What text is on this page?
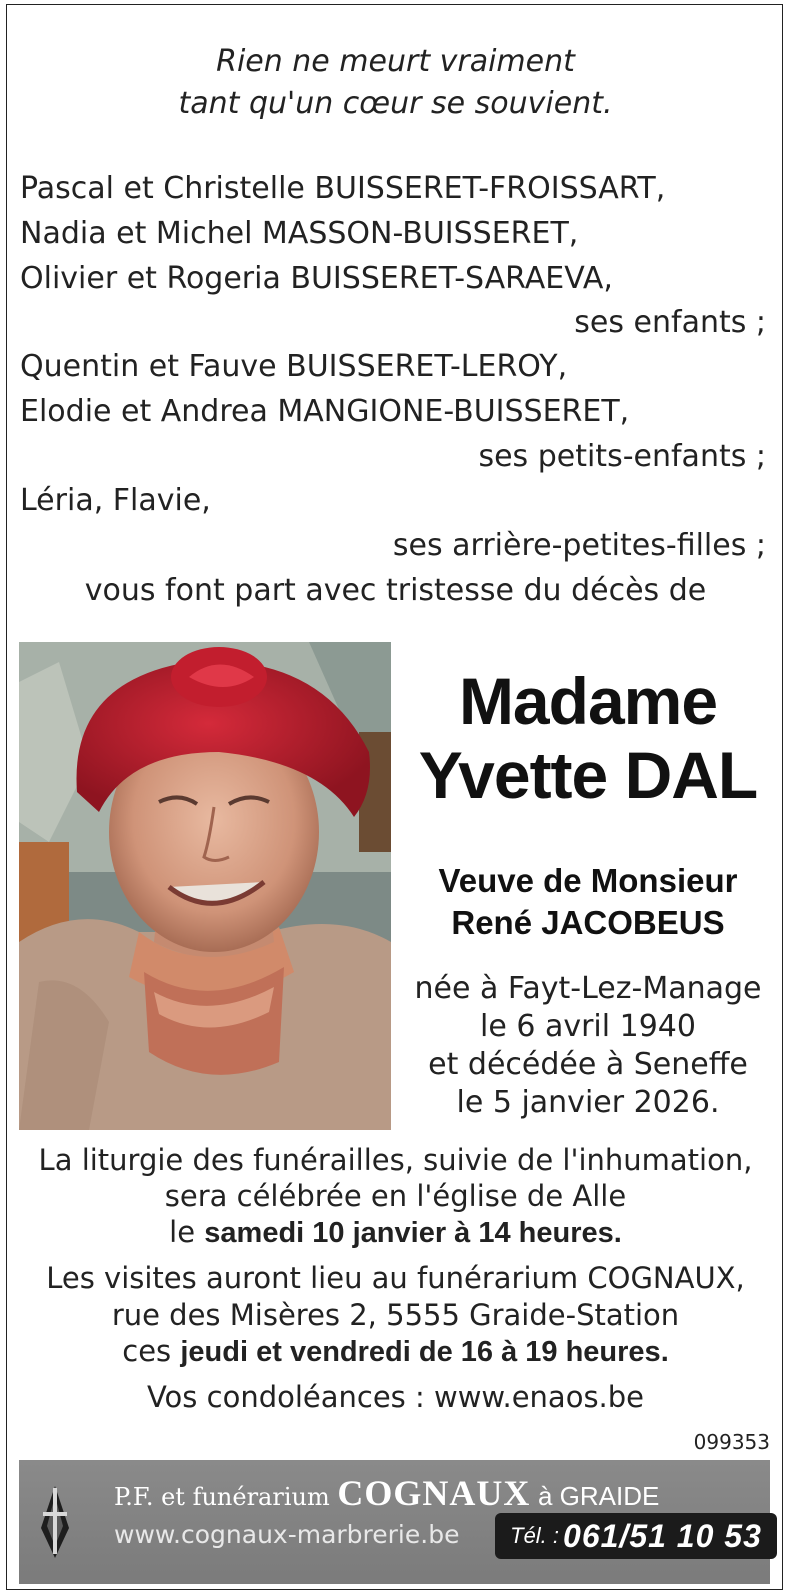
Rien ne meurt vraiment
tant qu'un cœur se souvient.
Pascal et Christelle BUISSERET-FROISSART,
Nadia et Michel MASSON-BUISSERET,
Olivier et Rogeria BUISSERET-SARAEVA,
ses enfants ;
Quentin et Fauve BUISSERET-LEROY,
Elodie et Andrea MANGIONE-BUISSERET,
ses petits-enfants ;
Léria, Flavie,
ses arrière-petites-filles ;
vous font part avec tristesse du décès de
Madame
Yvette DAL
Veuve de Monsieur
René JACOBEUS
née à Fayt-Lez-Manage
le 6 avril 1940
et décédée à Seneffe
le 5 janvier 2026.
La liturgie des funérailles, suivie de l'inhumation,
sera célébrée en l'église de Alle
le samedi 10 janvier à 14 heures.
Les visites auront lieu au funérarium COGNAUX,
rue des Misères 2, 5555 Graide-Station
ces jeudi et vendredi de 16 à 19 heures.
Vos condoléances : www.enaos.be
099353
P.F. et funérarium COGNAUX à GRAIDE
www.cognaux-marbrerie.be Tél. : 061/51 10 53
